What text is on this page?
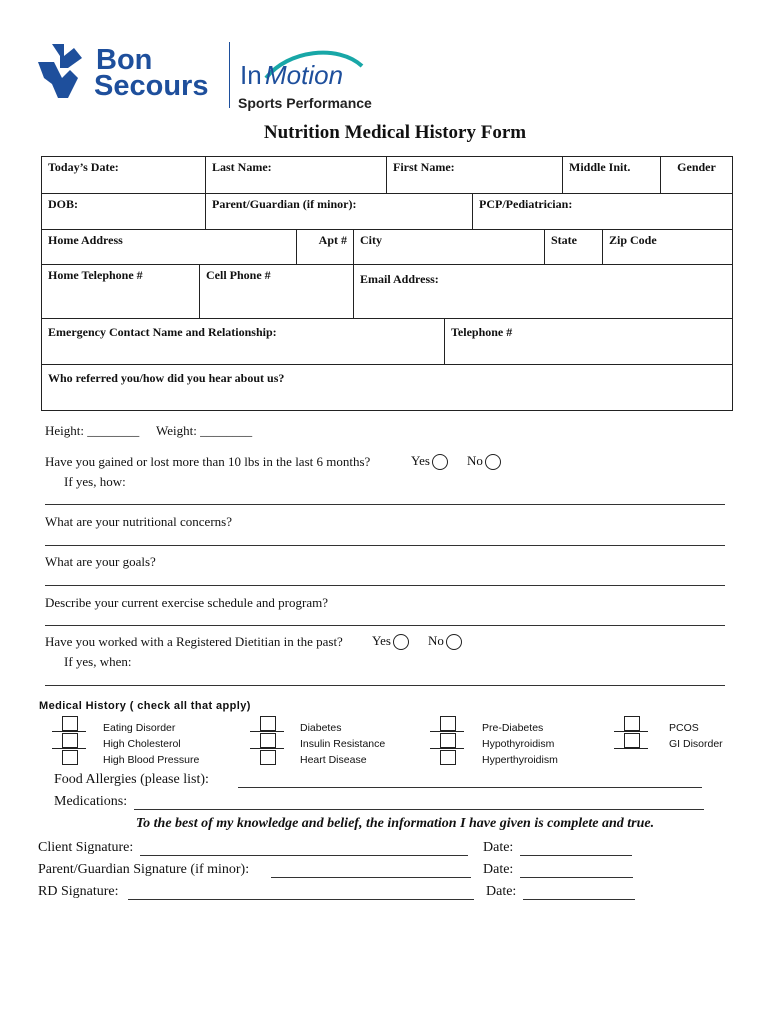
Bon
Secours In Motion
Sports Performance
Nutrition Medical History Form
Today’s Date:	Last Name:	First Name:	Middle Init.	Gender
DOB:	Parent/Guardian (if minor):	PCP/Pediatrician:
Home Address	Apt #	City	State	Zip Code
Home Telephone #	Cell Phone #	Email Address:
Emergency Contact Name and Relationship:	Telephone #
Who referred you/how did you hear about us?
Height: ________ Weight: ________
Have you gained or lost more than 10 lbs in the last 6 months?	Yes	No
If yes, how:
What are your nutritional concerns?
What are your goals?
Describe your current exercise schedule and program?
Have you worked with a Registered Dietitian in the past? Yes	No
If yes, when:
Medical History ( check all that apply)
Eating Disorder
High Cholesterol
High Blood Pressure
Diabetes
Insulin Resistance
Heart Disease
Pre-Diabetes
Hypothyroidism
Hyperthyroidism
PCOS
GI Disorder
Food Allergies (please list):
Medications:
To the best of my knowledge and belief, the information I have given is complete and true.
Client Signature:	Date:
Parent/Guardian Signature (if minor):	Date:
RD Signature:	Date:
